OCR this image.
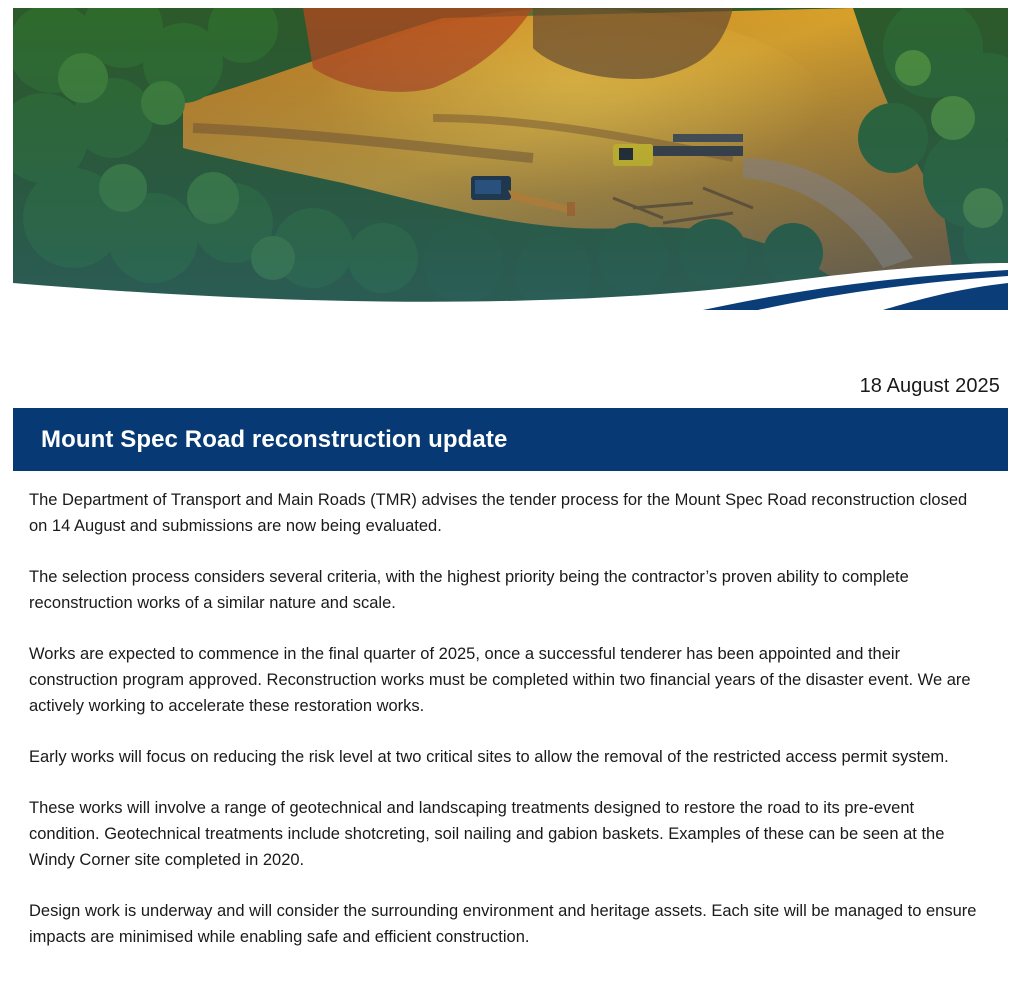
18 August 2025
Mount Spec Road reconstruction update

The Department of Transport and Main Roads (TMR) advises the tender process for the Mount Spec Road reconstruction closed on 14 August and submissions are now being evaluated.

The selection process considers several criteria, with the highest priority being the contractor’s proven ability to complete reconstruction works of a similar nature and scale.

Works are expected to commence in the final quarter of 2025, once a successful tenderer has been appointed and their construction program approved. Reconstruction works must be completed within two financial years of the disaster event. We are actively working to accelerate these restoration works.

Early works will focus on reducing the risk level at two critical sites to allow the removal of the restricted access permit system.

These works will involve a range of geotechnical and landscaping treatments designed to restore the road to its pre-event condition. Geotechnical treatments include shotcreting, soil nailing and gabion baskets. Examples of these can be seen at the Windy Corner site completed in 2020.

Design work is underway and will consider the surrounding environment and heritage assets. Each site will be managed to ensure impacts are minimised while enabling safe and efficient construction.
